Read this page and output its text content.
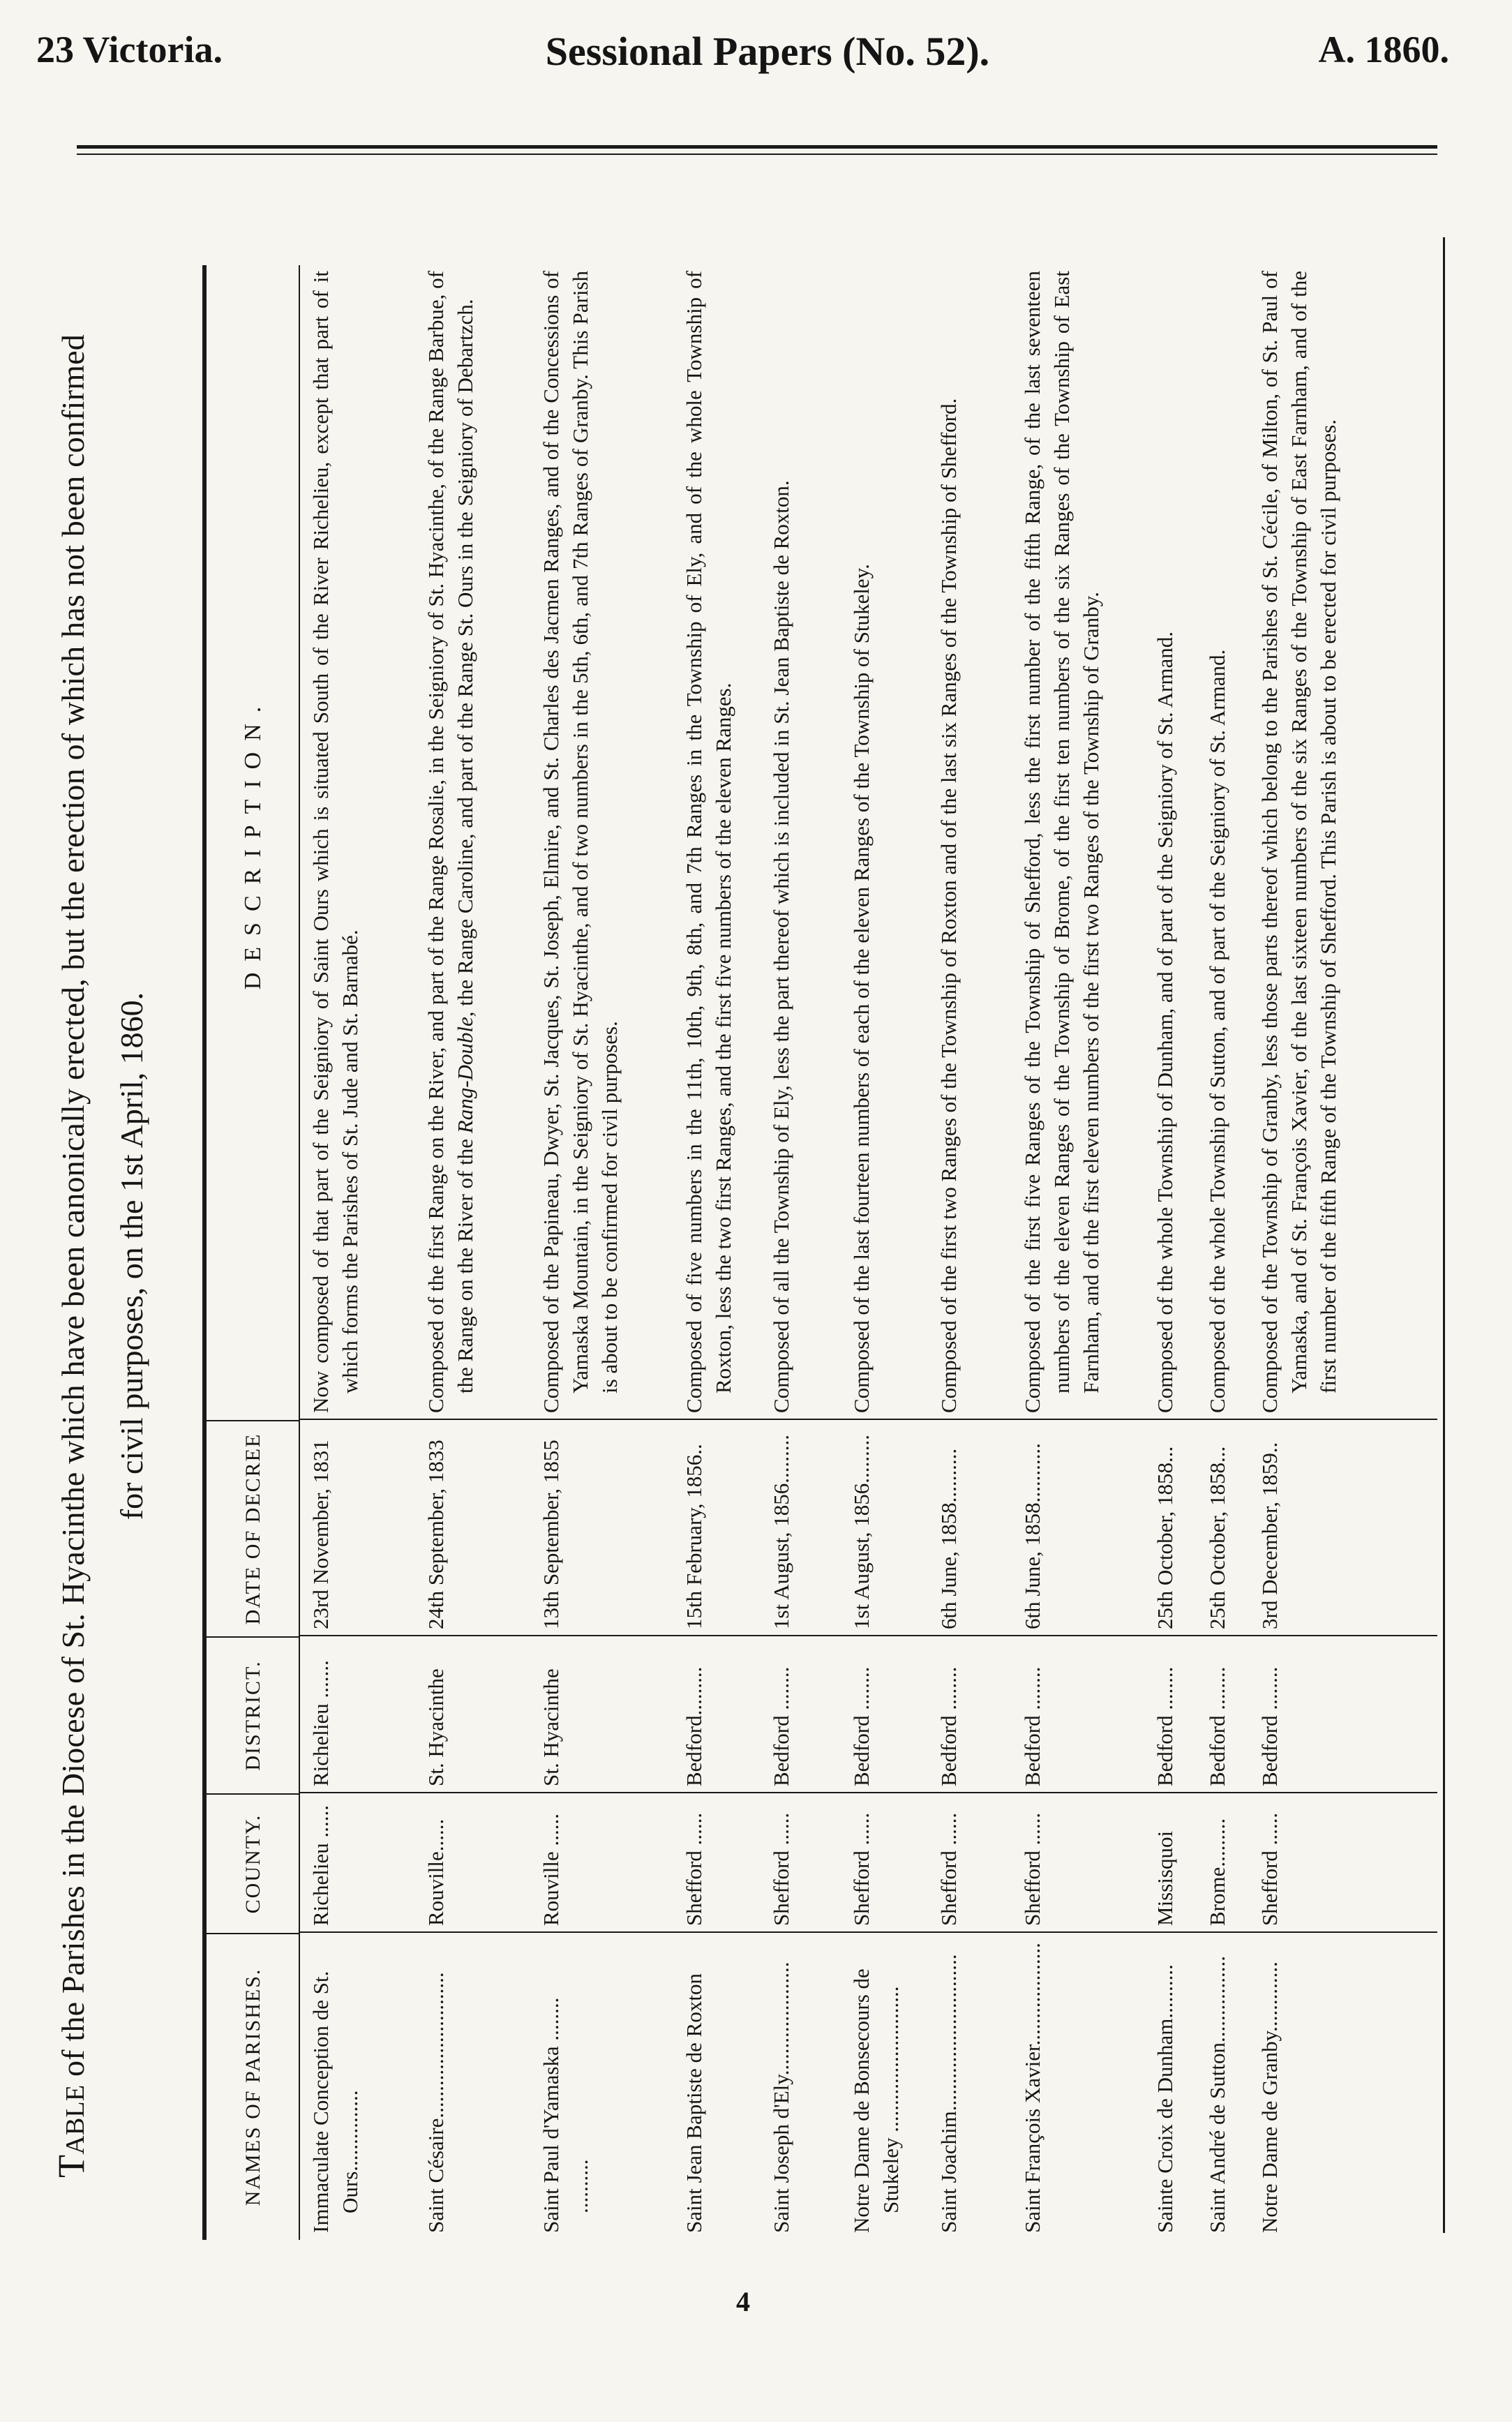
23 Victoria.	Sessional Papers (No. 52).	A. 1860.
Table of the Parishes in the Diocese of St. Hyacinthe which have been canonically erected, but the erection of which has not been confirmed for civil purposes, on the 1st April, 1860.
NAMES OF PARISHES.
COUNTY.
DISTRICT.
DATE OF DECREE
DESCRIPTION.
Immaculate Conception de St. Ours...............
Richelieu ......
Richelieu .......
23rd November, 1831
Now composed of that part of the Seigniory of Saint Ours which is situated South of the River Richelieu, except that part of it which forms the Parishes of St. Jude and St. Barnabé.
Saint Césaire...........................
Rouville......
St. Hyacinthe
24th September, 1833
Composed of the first Range on the River, and part of the Range Rosalie, in the Seigniory of St. Hyacinthe, of the Range Barbue, of the Range on the River of the Rang-Double, the Range Caroline, and part of the Range St. Ours in the Seigniory of Debartzch.
Saint Paul d'Yamaska ........ ..........
Rouville ......
St. Hyacinthe
13th September, 1855
Composed of the Papineau, Dwyer, St. Jacques, St. Joseph, Elmire, and St. Charles des Jacmen Ranges, and of the Concessions of Yamaska Mountain, in the Seigniory of St. Hyacinthe, and of two numbers in the 5th, 6th, and 7th Ranges of Granby. This Parish is about to be confirmed for civil purposes.
Saint Jean Baptiste de Roxton
Shefford ......
Bedford.........
15th February, 1856..
Composed of five numbers in the 11th, 10th, 9th, 8th, and 7th Ranges in the Township of Ely, and of the whole Township of Roxton, less the two first Ranges, and the first five numbers of the eleven Ranges.
Saint Joseph d'Ely.....................
Shefford ......
Bedford ........
1st August, 1856.........
Composed of all the Township of Ely, less the part thereof which is included in St. Jean Baptiste de Roxton.
Notre Dame de Bonsecours de Stukeley ...........................
Shefford ......
Bedford ........
1st August, 1856.........
Composed of the last fourteen numbers of each of the eleven Ranges of the Township of Stukeley.
Saint Joachim.............................
Shefford ......
Bedford ........
6th June, 1858..........
Composed of the first two Ranges of the Township of Roxton and of the last six Ranges of the Township of Shefford.
Saint François Xavier...................
Shefford ......
Bedford ........
6th June, 1858...........
Composed of the first five Ranges of the Township of Shefford, less the first number of the fifth Range, of the last seventeen numbers of the eleven Ranges of the Township of Brome, of the first ten numbers of the six Ranges of the Township of East Farnham, and of the first eleven numbers of the first two Ranges of the Township of Granby.
Sainte Croix de Dunham..........
Missisquoi
Bedford ........
25th October, 1858...
Composed of the whole Township of Dunham, and of part of the Seigniory of St. Armand.
Saint André de Sutton................
Brome.........
Bedford ........
25th October, 1858...
Composed of the whole Township of Sutton, and of part of the Seigniory of St. Armand.
Notre Dame de Granby.............
Shefford ......
Bedford ........
3rd December, 1859..
Composed of the Township of Granby, less those parts thereof which belong to the Parishes of St. Cécile, of Milton, of St. Paul of Yamaska, and of St. François Xavier, of the last sixteen numbers of the six Ranges of the Township of East Farnham, and of the first number of the fifth Range of the Township of Shefford. This Parish is about to be erected for civil purposes.
4
